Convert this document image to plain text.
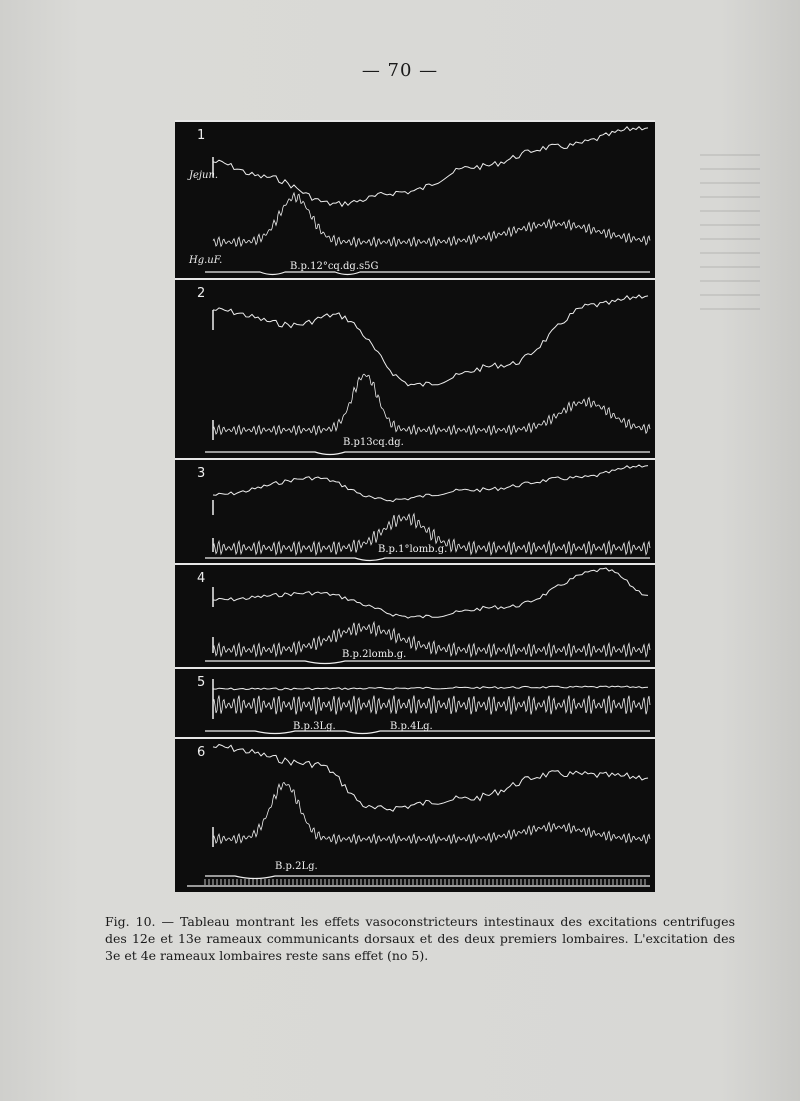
— 70 —
1
Jejun.
Hg.uF.
B.p.12°cq.dg.s5G
2
B.p13cq.dg.
3
B.p.1°lomb.g.
4
B.p.2lomb.g.
5
B.p.3Lg.	B.p.4Lg.
6
B.p.2Lg.
Fig. 10. — Tableau montrant les effets vasoconstricteurs intestinaux des excitations centrifuges des 12e et 13e rameaux communicants dorsaux et des deux premiers lombaires. L'excitation des 3e et 4e rameaux lombaires reste sans effet (no 5).
